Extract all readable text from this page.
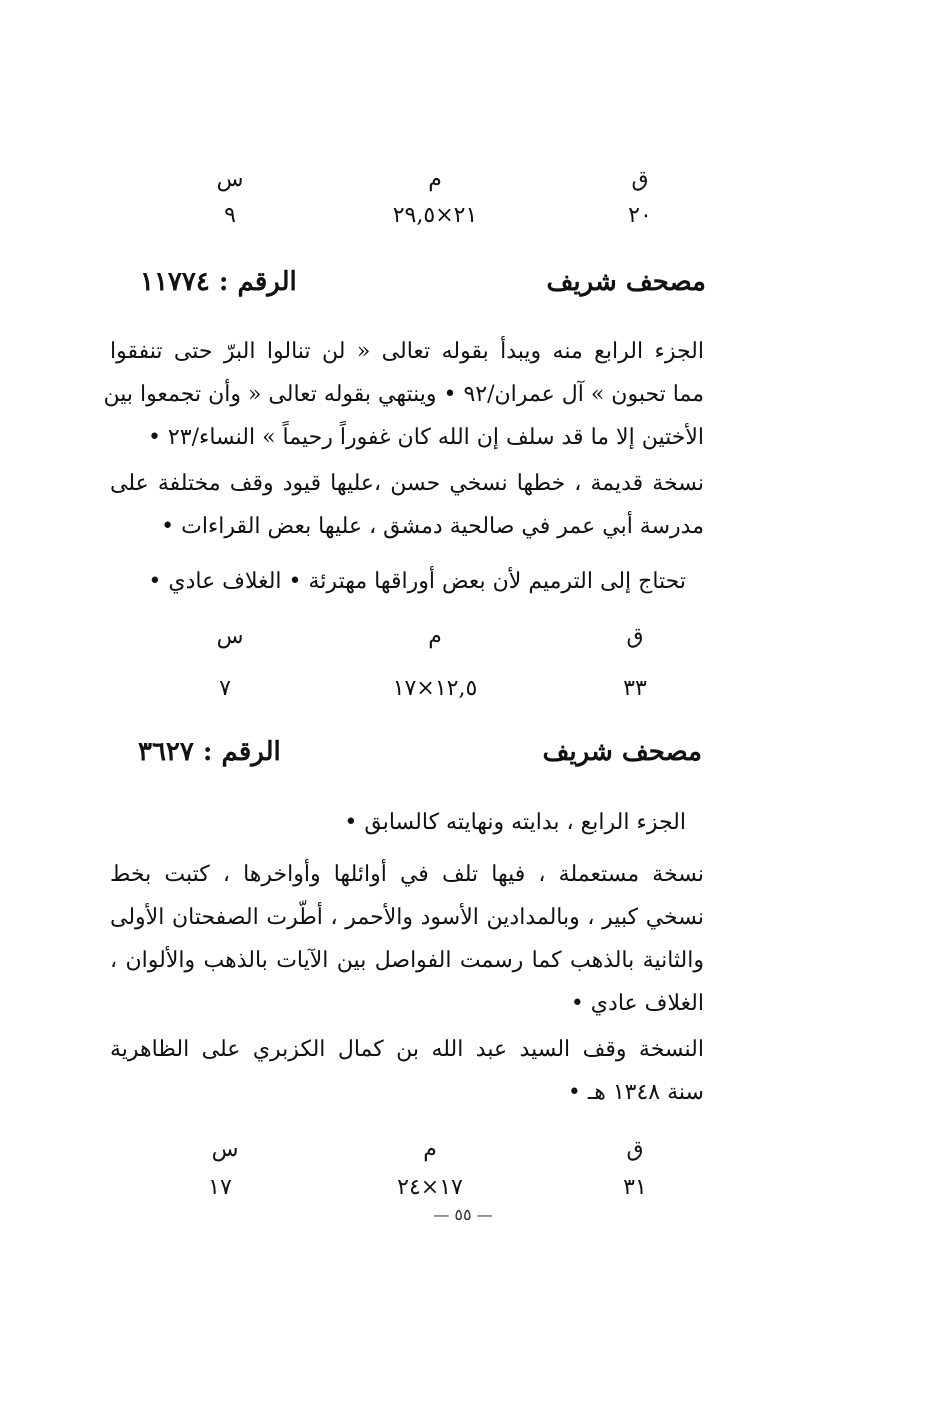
ق
م
س
٢٠
٢١×٢٩,٥
٩
مصحف شريف
الرقم : ١١٧٧٤
الجزء الرابع منه ويبدأ بقوله تعالى « لن تنالوا البرّ حتى تنفقوا
مما تحبون » آل عمران/٩٢ • وينتهي بقوله تعالى « وأن تجمعوا بين
الأختين إلا ما قد سلف إن الله كان غفوراً رحيماً » النساء/٢٣ •
نسخة قديمة ، خطها نسخي حسن ،عليها قيود وقف مختلفة على
مدرسة أبي عمر في صالحية دمشق ، عليها بعض القراءات •
تحتاج إلى الترميم لأن بعض أوراقها مهترئة • الغلاف عادي •
ق
م
س
٣٣
١٢,٥×١٧
٧
مصحف شريف
الرقم : ٣٦٢٧
الجزء الرابع ، بدايته ونهايته كالسابق •
نسخة مستعملة ، فيها تلف في أوائلها وأواخرها ، كتبت بخط
نسخي كبير ، وبالمدادين الأسود والأحمر ، أطّرت الصفحتان الأولى
والثانية بالذهب كما رسمت الفواصل بين الآيات بالذهب والألوان ،
الغلاف عادي •
النسخة وقف السيد عبد الله بن كمال الكزبري على الظاهرية
سنة ١٣٤٨ هـ •
ق
م
س
٣١
١٧×٢٤
١٧
— ٥٥ —
